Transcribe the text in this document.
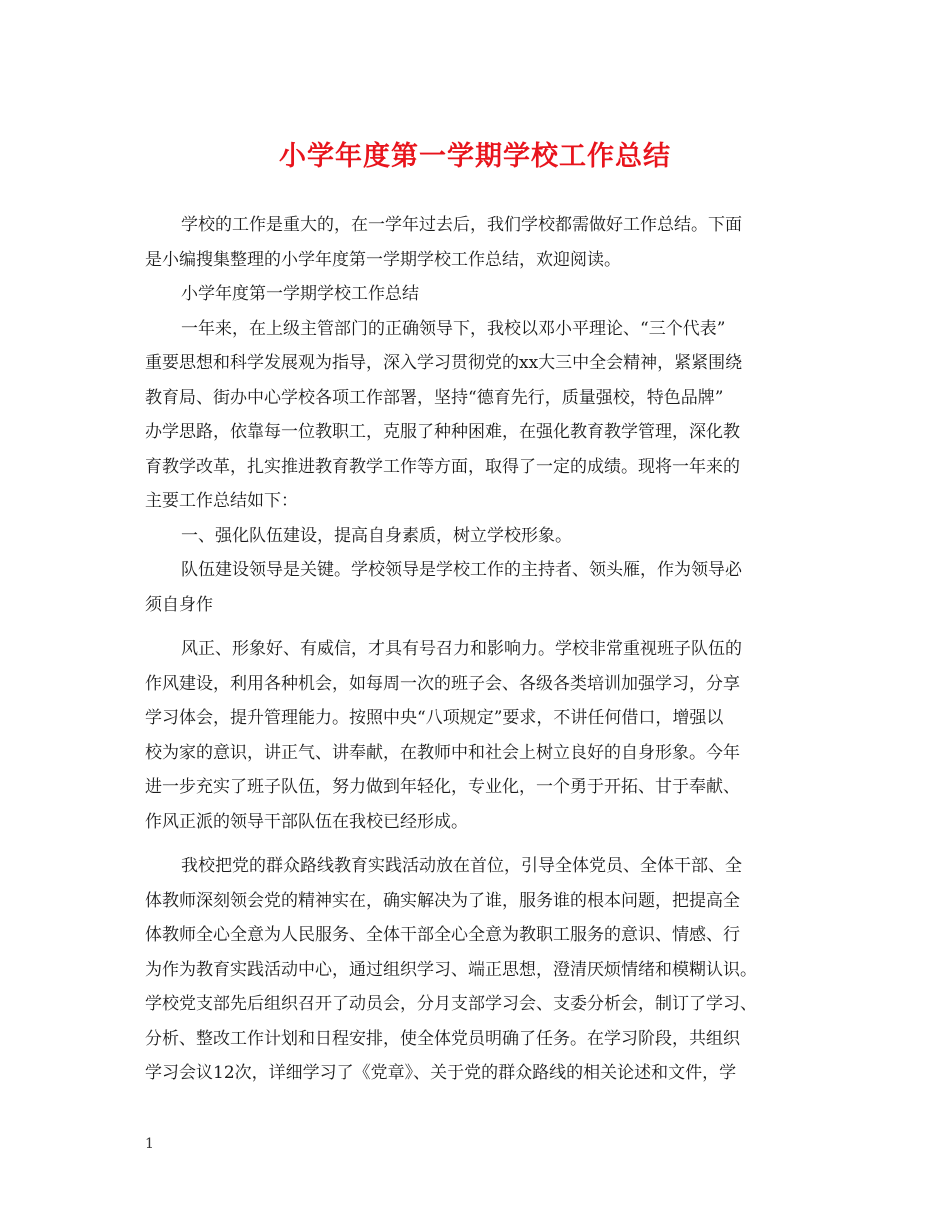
小学年度第一学期学校工作总结
学校的工作是重大的，在一学年过去后，我们学校都需做好工作总结。下面
是小编搜集整理的小学年度第一学期学校工作总结，欢迎阅读。
小学年度第一学期学校工作总结
一年来，在上级主管部门的正确领导下，我校以邓小平理论、“三个代表”
重要思想和科学发展观为指导，深入学习贯彻党的xx大三中全会精神，紧紧围绕
教育局、街办中心学校各项工作部署，坚持“德育先行，质量强校，特色品牌”
办学思路，依靠每一位教职工，克服了种种困难，在强化教育教学管理，深化教
育教学改革，扎实推进教育教学工作等方面，取得了一定的成绩。现将一年来的
主要工作总结如下：
一、强化队伍建设，提高自身素质，树立学校形象。
队伍建设领导是关键。学校领导是学校工作的主持者、领头雁，作为领导必
须自身作
风正、形象好、有威信，才具有号召力和影响力。学校非常重视班子队伍的
作风建设，利用各种机会，如每周一次的班子会、各级各类培训加强学习，分享
学习体会，提升管理能力。按照中央“八项规定”要求，不讲任何借口，增强以
校为家的意识，讲正气、讲奉献，在教师中和社会上树立良好的自身形象。今年
进一步充实了班子队伍，努力做到年轻化，专业化，一个勇于开拓、甘于奉献、
作风正派的领导干部队伍在我校已经形成。
我校把党的群众路线教育实践活动放在首位，引导全体党员、全体干部、全
体教师深刻领会党的精神实在，确实解决为了谁，服务谁的根本问题，把提高全
体教师全心全意为人民服务、全体干部全心全意为教职工服务的意识、情感、行
为作为教育实践活动中心，通过组织学习、端正思想，澄清厌烦情绪和模糊认识。
学校党支部先后组织召开了动员会，分月支部学习会、支委分析会，制订了学习、
分析、整改工作计划和日程安排，使全体党员明确了任务。在学习阶段，共组织
学习会议12次，详细学习了《党章》、关于党的群众路线的相关论述和文件，学
1
